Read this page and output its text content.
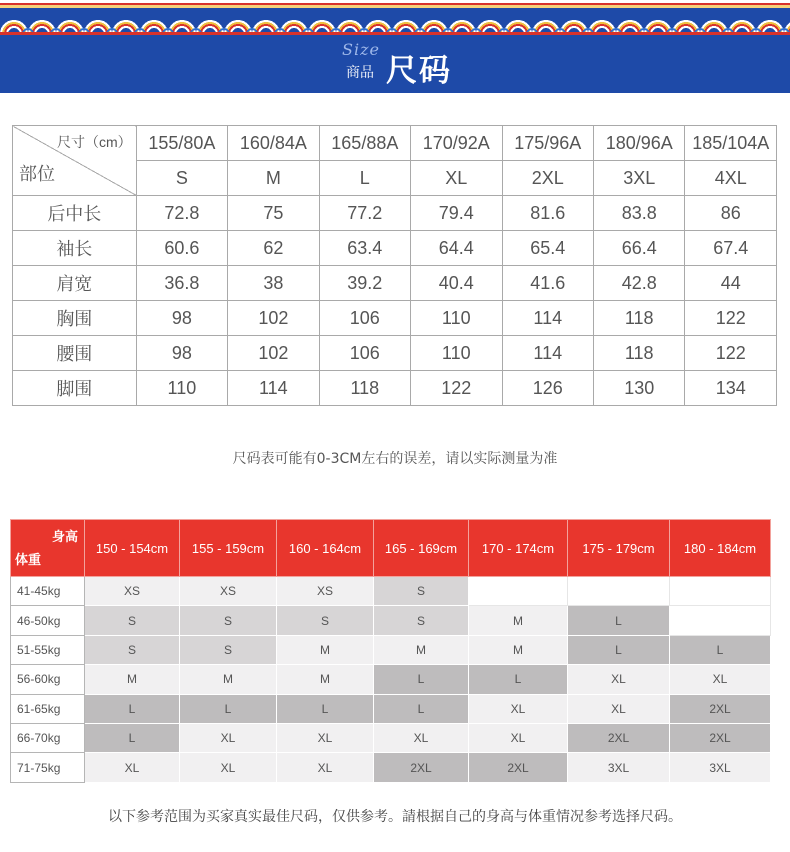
Size
商品 尺码
尺寸（cm）
部位	155/80A	160/84A	165/88A	170/92A	175/96A	180/96A	185/104A
	S	M	L	XL	2XL	3XL	4XL
后中长	72.8	75	77.2	79.4	81.6	83.8	86
袖长	60.6	62	63.4	64.4	65.4	66.4	67.4
肩宽	36.8	38	39.2	40.4	41.6	42.8	44
胸围	98	102	106	110	114	118	122
腰围	98	102	106	110	114	118	122
脚围	110	114	118	122	126	130	134
尺码表可能有0-3CM左右的误差，请以实际测量为准
身高
体重	150 - 154cm	155 - 159cm	160 - 164cm	165 - 169cm	170 - 174cm	175 - 179cm	180 - 184cm
41-45kg	XS	XS	XS	S			
46-50kg	S	S	S	S	M	L	
51-55kg	S	S	M	M	M	L	L
56-60kg	M	M	M	L	L	XL	XL
61-65kg	L	L	L	L	XL	XL	2XL
66-70kg	L	XL	XL	XL	XL	2XL	2XL
71-75kg	XL	XL	XL	2XL	2XL	3XL	3XL
以下参考范围为买家真实最佳尺码，仅供参考。請根据自己的身高与体重情况参考选择尺码。
